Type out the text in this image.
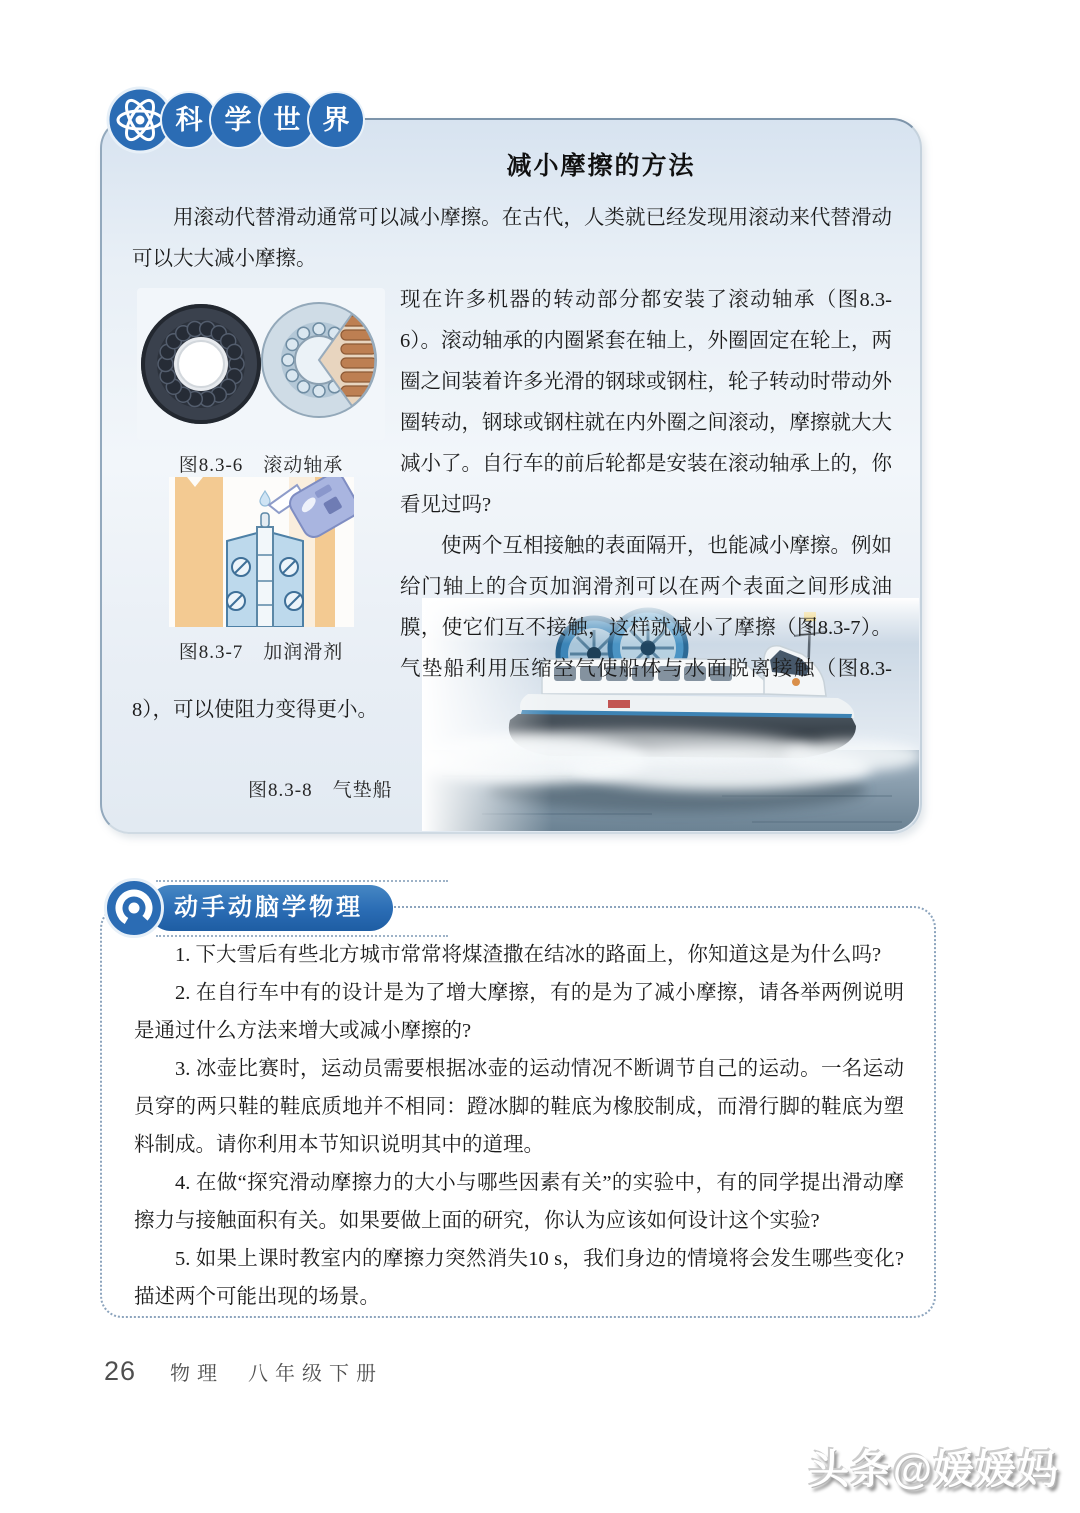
科 学 世 界
减小摩擦的方法

用滚动代替滑动通常可以减小摩擦。在古代，人类就已经发现用滚动来代替滑动可以大大减小摩擦。

图8.3-6　滚动轴承
图8.3-7　加润滑剂

现在许多机器的转动部分都安装了滚动轴承（图8.3-6）。滚动轴承的内圈紧套在轴上，外圈固定在轮上，两圈之间装着许多光滑的钢球或钢柱，轮子转动时带动外圈转动，钢球或钢柱就在内外圈之间滚动，摩擦就大大减小了。自行车的前后轮都是安装在滚动轴承上的，你看见过吗?

使两个互相接触的表面隔开，也能减小摩擦。例如给门轴上的合页加润滑剂可以在两个表面之间形成油膜，使它们互不接触，这样就减小了摩擦（图8.3-7）。气垫船利用压缩空气使船体与水面脱离接触（图8.3-8），可以使阻力变得更小。

图8.3-8　气垫船
动手动脑学物理

1. 下大雪后有些北方城市常常将煤渣撒在结冰的路面上，你知道这是为什么吗?

2. 在自行车中有的设计是为了增大摩擦，有的是为了减小摩擦，请各举两例说明是通过什么方法来增大或减小摩擦的?

3. 冰壶比赛时，运动员需要根据冰壶的运动情况不断调节自己的运动。一名运动员穿的两只鞋的鞋底质地并不相同：蹬冰脚的鞋底为橡胶制成，而滑行脚的鞋底为塑料制成。请你利用本节知识说明其中的道理。

4. 在做“探究滑动摩擦力的大小与哪些因素有关”的实验中，有的同学提出滑动摩擦力与接触面积有关。如果要做上面的研究，你认为应该如何设计这个实验?

5. 如果上课时教室内的摩擦力突然消失10 s，我们身边的情境将会发生哪些变化? 描述两个可能出现的场景。

26 物理 八年级下册
头条@媛媛妈
